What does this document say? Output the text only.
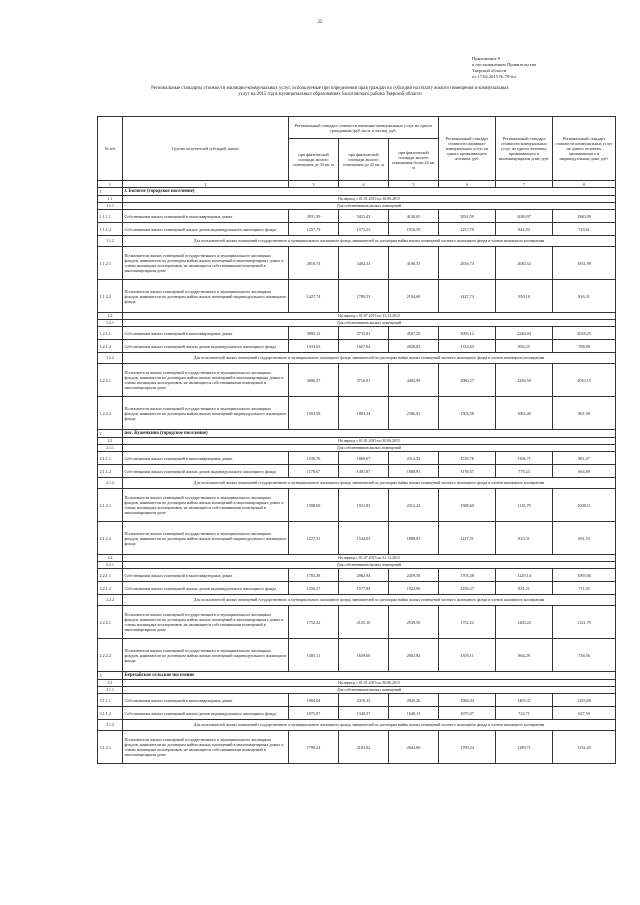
25
Приложение 9
к постановлению Правительства
Тверской области
от 17.02.2015 № 79-пп
Региональные стандарты стоимости жилищно-коммунальных услуг, используемые при определении прав граждан на субсидии на оплату жилого помещения и коммунальных
услуг на 2015 год в муниципальных образованиях Бологовского района Тверской области
№ п/п	Группа получателей субсидий, жилье	Региональный стандарт стоимости жилищно-коммунальных услуг на одного гражданина (руб./кв.м. в месяц), руб.			Региональный стандарт стоимости жилищно-коммунальных услуг на одного проживающего человека, руб.	Региональный стандарт стоимости коммунальных услуг на одного человека, проживающего в многоквартирном доме, руб.	Региональный стандарт стоимости коммунальных услуг на одного человека, проживающего в индивидуальном доме, руб.
		при фактической площади жилого помещения до 33 кв. м	при фактической площади жилого помещения до 42 кв. м	при фактической площади жилого помещения более 42 кв. м			
1	2	3	4	5	6	7	8
1	г. Бологое (городское поселение)						
1.1	На период с 01.01.2015 по 30.06.2015						
1.1.1	Для собственников жилых помещений						
1.1.1.1	Собственники жилых помещений в многоквартирных домах	2831,59	3421,43	4130,65	2831,59	2049,97	1840,09
1.1.1.2	Собственники жилых помещений жилых домов индивидуального жилищного фонда	1257,79	1573,23	1916,59	1257,79	842,03	723,61
1.1.2	Для пользователей жилых помещений государственного и муниципального жилищного фонда, нанимателей по договорам найма жилых помещений частного жилищного фонда и членов жилищного кооператива						
1.1.2.1	Пользователи жилых помещений государственного и муниципального жилищных фондов, наниматели по договорам найма жилых помещений в многоквартирных домах и члены жилищных кооперативов, не являющиеся собственниками помещений в многоквартирном доме	2816,74	3402,53	4106,35	2816,74	2040,52	1831,99
1.1.2.2	Пользователи жилых помещений государственного и муниципального жилищных фондов, наниматели по договорам найма жилых помещений индивидуального жилищного фонда	1427,74	1789,53	2194,69	1427,74	950,18	816,31
1.2	На период с 01.07.2015 по 31.12.2015						
1.2.1	Для собственников жилых помещений						
1.2.1.1	Собственники жилых помещений в многоквартирных домах	3095,12	3735,81	4507,29	3095,12	2246,04	2018,25
1.2.1.2	Собственники жилых помещений жилых домов индивидуального жилищного фонда	1333,63	1667,04	2028,82	1333,63	894,25	768,88
1.2.2	Для пользователей жилых помещений государственного и муниципального жилищного фонда, нанимателей по договорам найма жилых помещений частного жилищного фонда и членов жилищного кооператива						
1.2.2.1	Пользователи жилых помещений государственного и муниципального жилищных фондов, наниматели по договорам найма жилых помещений в многоквартирных домах и члены жилищных кооперативов, не являющиеся собственниками помещений в многоквартирном доме	3080,27	3716,91	4482,99	3080,27	2236,59	2010,15
1.2.2.2	Пользователи жилых помещений государственного и муниципального жилищных фондов, наниматели по договорам найма жилых помещений индивидуального жилищного фонда	1503,58	1883,34	2306,92	1503,58	1002,40	861,58
2	пос. Куженкино (городское поселение)						
2.1	На период с 01.01.2015 по 30.06.2015						
2.1.1	Для собственников жилых помещений						
2.1.1.1	Собственники жилых помещений в многоквартирных домах	1539,76	1869,67	2312,32	1539,76	1104,71	981,47
2.1.1.2	Собственники жилых помещений жилых домов индивидуального жилищного фонда	1178,67	1481,87	1808,91	1178,67	779,23	664,89
2.1.2	Для пользователей жилых помещений государственного и муниципального жилищного фонда, нанимателей по договорам найма жилых помещений частного жилищного фонда и членов жилищного кооператива						
2.1.2.1	Пользователи жилых помещений государственного и муниципального жилищных фондов, наниматели по договорам найма жилых помещений в многоквартирных домах и члены жилищных кооперативов, не являющиеся собственниками помещений в многоквартирном доме	1588,60	1931,83	2312,24	1588,60	1135,79	1008,11
2.1.2.2	Пользователи жилых помещений государственного и муниципального жилищных фондов, наниматели по договорам найма жилых помещений индивидуального жилищного фонда	1227,51	1544,03	1888,83	1227,51	810,31	691,53
2.2	На период с 01.07.2015 по 31.12.2015						
2.2.1	Для собственников жилых помещений						
2.2.1.1	Собственники жилых помещений в многоквартирных домах	1703,38	2062,94	2459,58	1703,38	1229,14	1095,06
2.2.1.2	Собственники жилых помещений жилых домов индивидуального жилищного фонда	1256,27	1577,94	1922,90	1256,27	831,21	711,92
2.2.2	Для пользователей жилых помещений государственного и муниципального жилищного фонда, нанимателей по договорам найма жилых помещений частного жилищного фонда и членов жилищного кооператива						
2.2.2.1	Пользователи жилых помещений государственного и муниципального жилищных фондов, наниматели по договорам найма жилых помещений в многоквартирных домах и члены жилищных кооперативов, не являющиеся собственниками помещений в многоквартирном доме	1752,22	2125,10	2539,50	1752,22	1260,22	1121,70
2.2.2.2	Пользователи жилых помещений государственного и муниципального жилищных фондов, наниматели по договорам найма жилых помещений индивидуального жилищного фонда	1305,11	1639,60	2002,82	1305,11	864,29	738,56
3	Березайское сельское поселение						
3.1	На период с 01.01.2015 по 30.06.2015						
3.1.1	Для собственников жилых помещений						
3.1.1.1	Собственники жилых помещений в многоквартирных домах	1984,04	2419,32	2945,26	1984,04	1403,31	1253,00
3.1.1.2	Собственники жилых помещений жилых домов индивидуального жилищного фонда	1075,07	1340,37	1640,13	1075,07	724,71	627,50
3.1.2	Для пользователей жилых помещений государственного и муниципального жилищного фонда, нанимателей по договорам найма жилых помещений частного жилищного фонда и членов жилищного кооператива						
3.1.2.1	Пользователи жилых помещений государственного и муниципального жилищных фондов, наниматели по договорам найма жилых помещений в многоквартирных домах и члены жилищных кооперативов, не являющиеся собственниками помещений в многоквартирном доме	1799,24	2183,92	2642,86	1799,24	1289,71	1152,20
